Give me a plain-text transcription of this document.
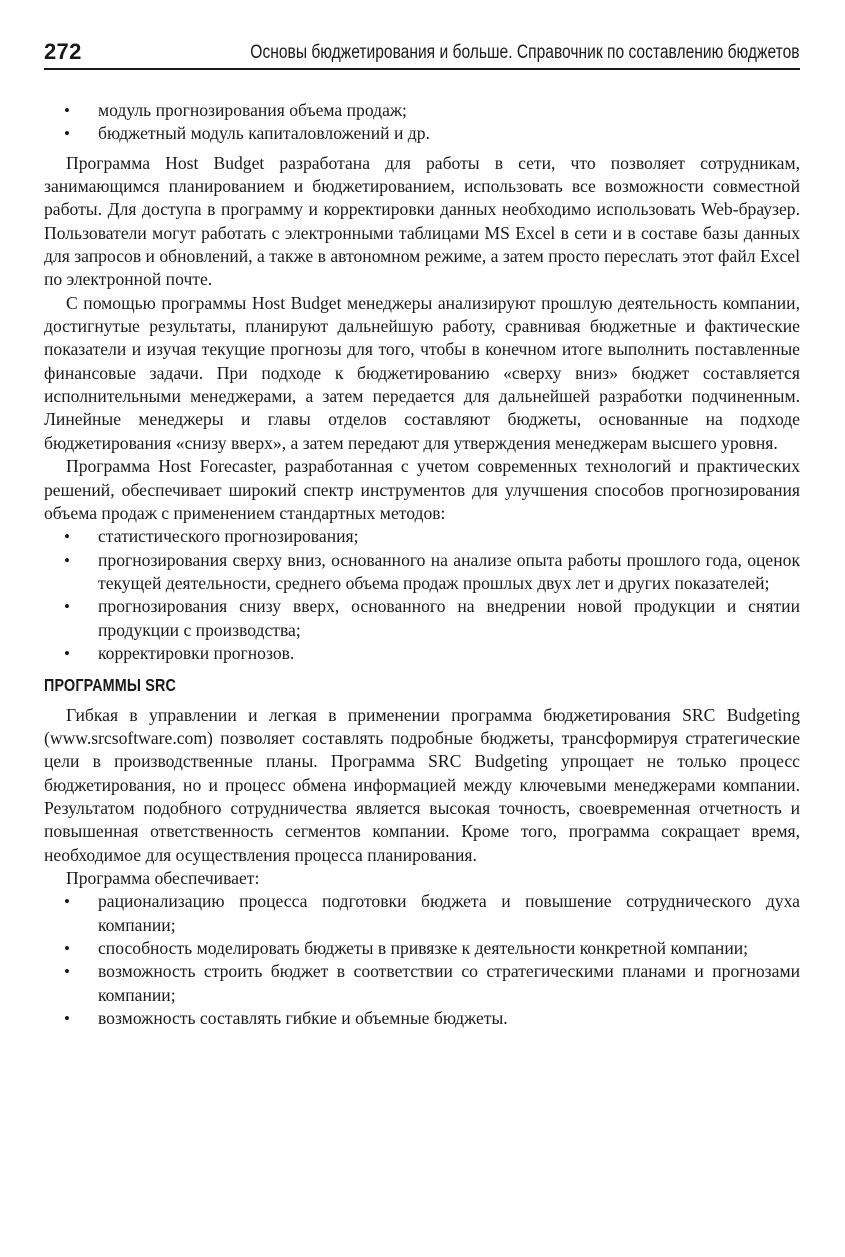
272	Основы бюджетирования и больше. Справочник по составлению бюджетов
• модуль прогнозирования объема продаж;
• бюджетный модуль капиталовложений и др.

Программа Host Budget разработана для работы в сети, что позволяет сотрудникам, занимающимся планированием и бюджетированием, использовать все возможности совместной работы. Для доступа в программу и корректировки данных необходимо использовать Web-браузер. Пользователи могут работать с электронными таблицами MS Excel в сети и в составе базы данных для запросов и обновлений, а также в автономном режиме, а затем просто переслать этот файл Excel по электронной почте.

С помощью программы Host Budget менеджеры анализируют прошлую деятельность компании, достигнутые результаты, планируют дальнейшую работу, сравнивая бюджетные и фактические показатели и изучая текущие прогнозы для того, чтобы в конечном итоге выполнить поставленные финансовые задачи. При подходе к бюджетированию «сверху вниз» бюджет составляется исполнительными менеджерами, а затем передается для дальнейшей разработки подчиненным. Линейные менеджеры и главы отделов составляют бюджеты, основанные на подходе бюджетирования «снизу вверх», а затем передают для утверждения менеджерам высшего уровня.

Программа Host Forecaster, разработанная с учетом современных технологий и практических решений, обеспечивает широкий спектр инструментов для улучшения способов прогнозирования объема продаж с применением стандартных методов:

• статистического прогнозирования;
• прогнозирования сверху вниз, основанного на анализе опыта работы прошлого года, оценок текущей деятельности, среднего объема продаж прошлых двух лет и других показателей;
• прогнозирования снизу вверх, основанного на внедрении новой продукции и снятии продукции с производства;
• корректировки прогнозов.
ПРОГРАММЫ SRC

Гибкая в управлении и легкая в применении программа бюджетирования SRC Budgeting (www.srcsoftware.com) позволяет составлять подробные бюджеты, трансформируя стратегические цели в производственные планы. Программа SRC Budgeting упрощает не только процесс бюджетирования, но и процесс обмена информацией между ключевыми менеджерами компании. Результатом подобного сотрудничества является высокая точность, своевременная отчетность и повышенная ответственность сегментов компании. Кроме того, программа сокращает время, необходимое для осуществления процесса планирования.

Программа обеспечивает:

• рационализацию процесса подготовки бюджета и повышение сотруднического духа компании;
• способность моделировать бюджеты в привязке к деятельности конкретной компании;
• возможность строить бюджет в соответствии со стратегическими планами и прогнозами компании;
• возможность составлять гибкие и объемные бюджеты.
